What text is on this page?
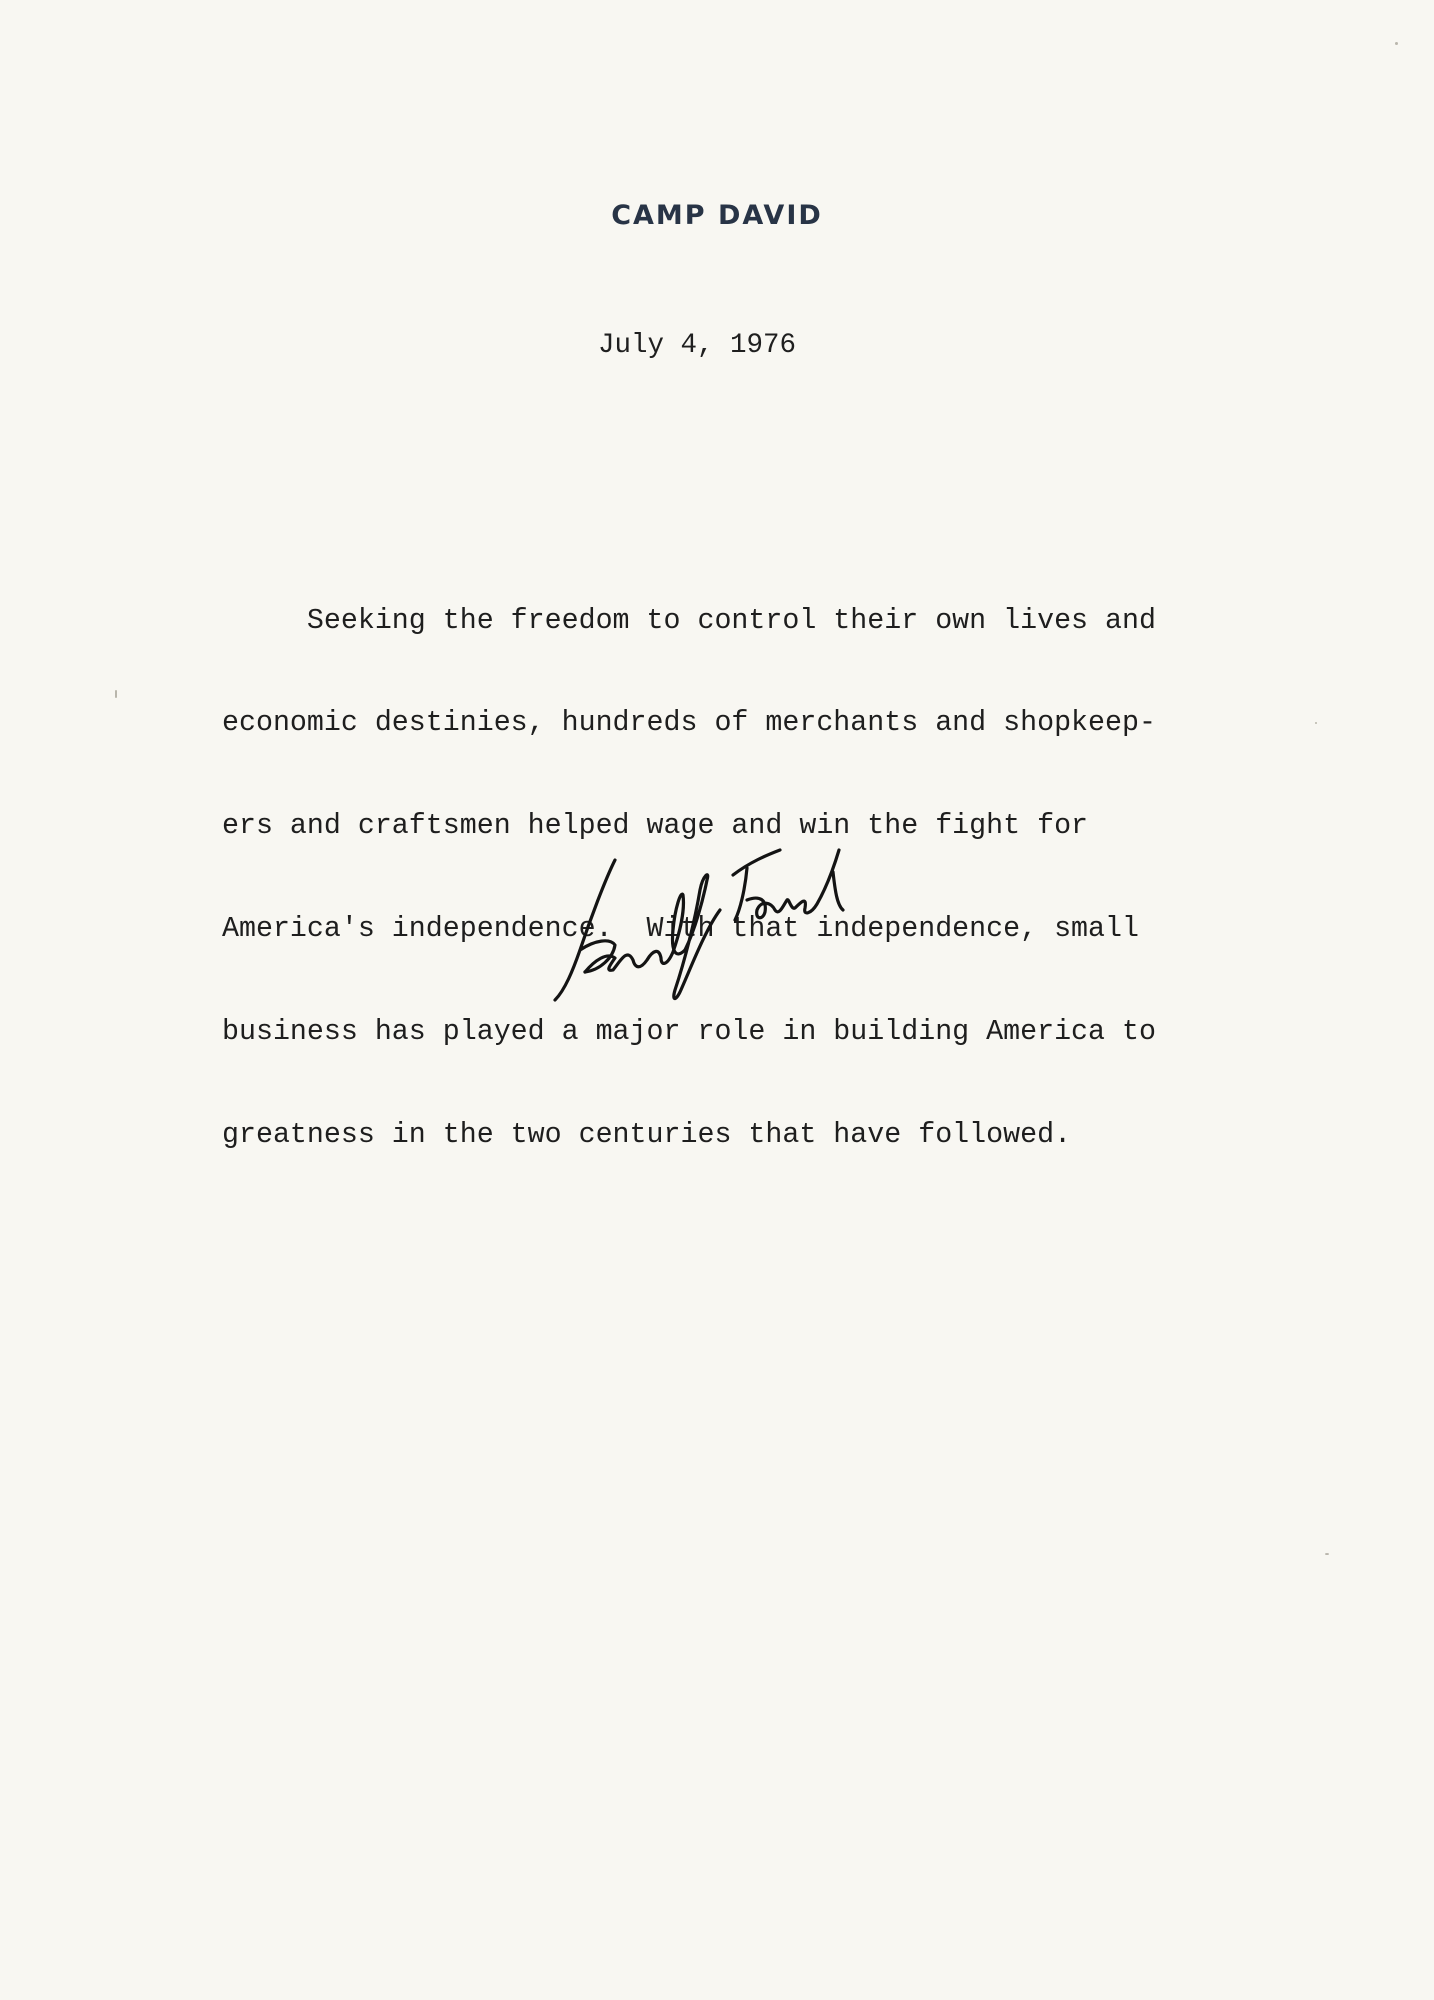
CAMP DAVID
July 4, 1976

Seeking the freedom to control their own lives and

economic destinies, hundreds of merchants and shopkeep-

ers and craftsmen helped wage and win the fight for

America's independence.  With that independence, small

business has played a major role in building America to

greatness in the two centuries that have followed.
